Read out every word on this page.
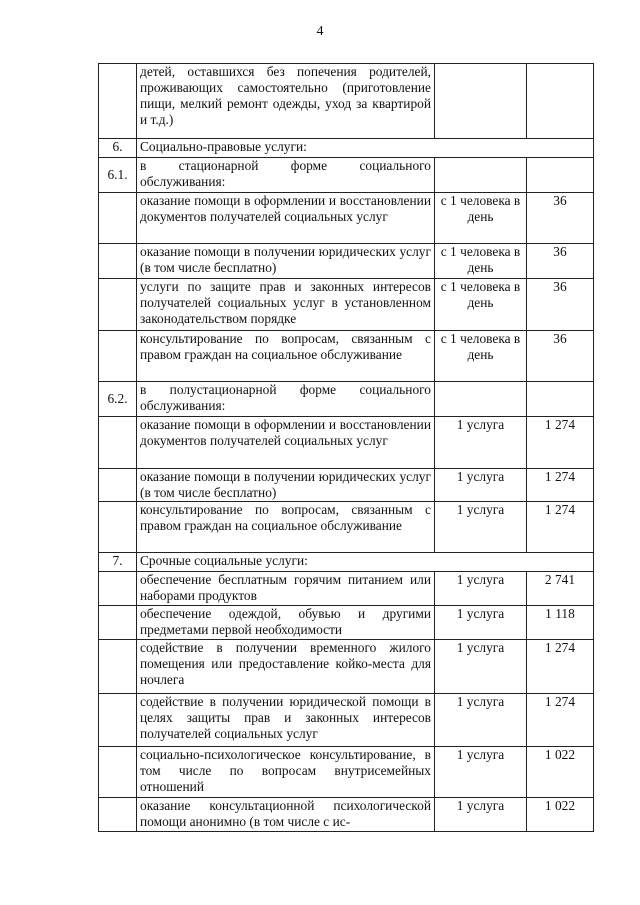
4
	детей, оставшихся без попечения родителей, проживающих самостоятельно (приготовление пищи, мелкий ремонт одежды, уход за квартирой и т.д.)		
6.	Социально-правовые услуги:		
6.1.	в стационарной форме социального обслуживания:		
	оказание помощи в оформлении и восстановлении документов получателей социальных услуг	с 1 человека в день	36
	оказание помощи в получении юридических услуг (в том числе бесплатно)	с 1 человека в день	36
	услуги по защите прав и законных интересов получателей социальных услуг в установленном законодательством порядке	с 1 человека в день	36
	консультирование по вопросам, связанным с правом граждан на социальное обслуживание	с 1 человека в день	36
6.2.	в полустационарной форме социального обслуживания:		
	оказание помощи в оформлении и восстановлении документов получателей социальных услуг	1 услуга	1 274
	оказание помощи в получении юридических услуг (в том числе бесплатно)	1 услуга	1 274
	консультирование по вопросам, связанным с правом граждан на социальное обслуживание	1 услуга	1 274
7.	Срочные социальные услуги:		
	обеспечение бесплатным горячим питанием или наборами продуктов	1 услуга	2 741
	обеспечение одеждой, обувью и другими предметами первой необходимости	1 услуга	1 118
	содействие в получении временного жилого помещения или предоставление койко-места для ночлега	1 услуга	1 274
	содействие в получении юридической помощи в целях защиты прав и законных интересов получателей социальных услуг	1 услуга	1 274
	социально-психологическое консультирование, в том числе по вопросам внутрисемейных отношений	1 услуга	1 022
	оказание консультационной психологической помощи анонимно (в том числе с ис-	1 услуга	1 022
